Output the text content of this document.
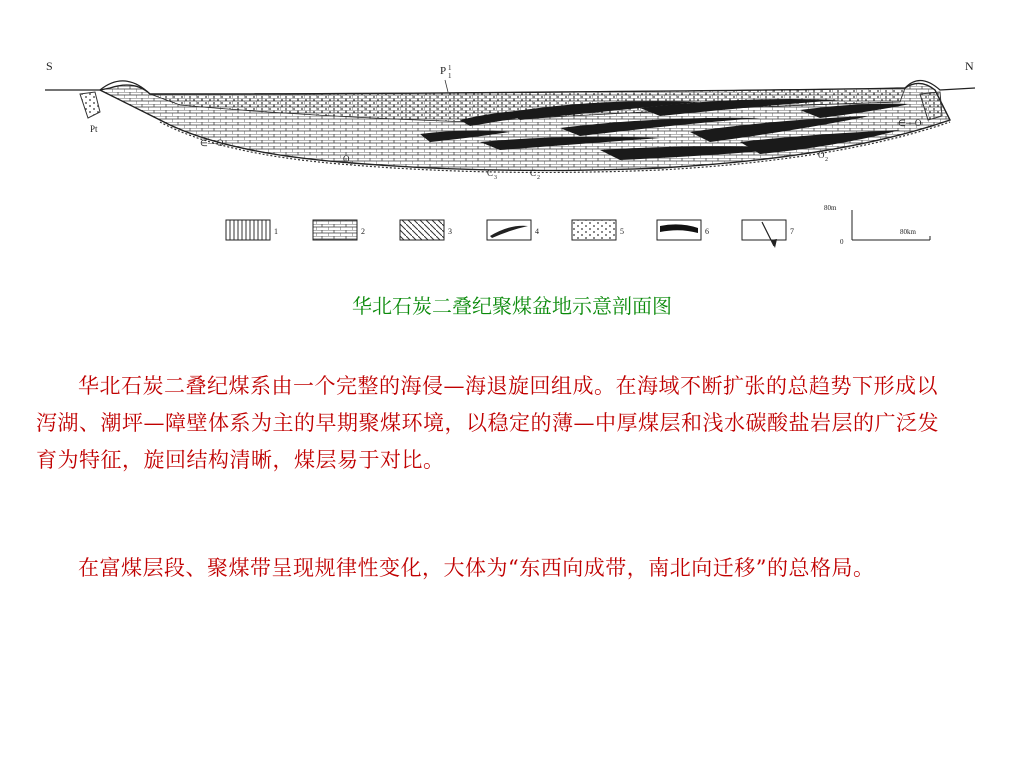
S	N
P 1
1
Pt
∈—O
∈—O
O 2
O 2
C 3	C 2
1	2	3	4	5	6	7
80m
0
80km
华北石炭二叠纪聚煤盆地示意剖面图

华北石炭二叠纪煤系由一个完整的海侵—海退旋回组成。在海域不断扩张的总趋势下形成以泻湖、潮坪—障壁体系为主的早期聚煤环境，以稳定的薄—中厚煤层和浅水碳酸盐岩层的广泛发育为特征，旋回结构清晰，煤层易于对比。

在富煤层段、聚煤带呈现规律性变化，大体为“东西向成带，南北向迁移”的总格局。
